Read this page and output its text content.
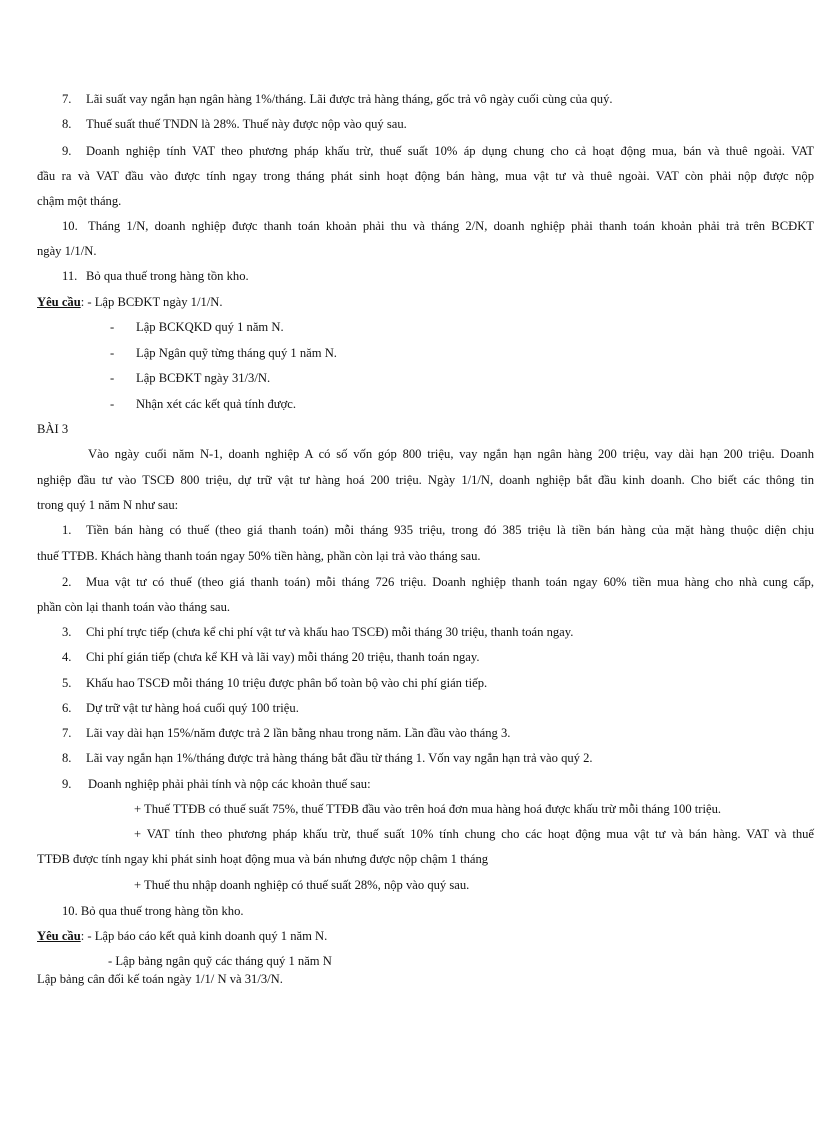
7. Lãi suất vay ngắn hạn ngân hàng 1%/tháng. Lãi được trả hàng tháng, gốc trả vô ngày cuối cùng của quý.
8. Thuế suất thuế TNDN là 28%. Thuế này được nộp vào quý sau.
9. Doanh nghiệp tính VAT theo phương pháp khấu trừ, thuế suất 10% áp dụng chung cho cả hoạt động mua, bán và thuê ngoài. VAT
đầu ra và VAT đầu vào được tính ngay trong tháng phát sinh hoạt động bán hàng, mua vật tư và thuê ngoài. VAT còn phải nộp được nộp
chậm một tháng.
10. Tháng 1/N, doanh nghiệp được thanh toán khoản phải thu và tháng 2/N, doanh nghiệp phải thanh toán khoản phải trả trên BCĐKT
ngày 1/1/N.
11. Bỏ qua thuế trong hàng tồn kho.
Yêu cầu: - Lập BCĐKT ngày 1/1/N.
- Lập BCKQKD quý 1 năm N.
- Lập Ngân quỹ từng tháng quý 1 năm N.
- Lập BCĐKT ngày 31/3/N.
- Nhận xét các kết quả tính được.
BÀI 3
Vào ngày cuối năm N-1, doanh nghiệp A có số vốn góp 800 triệu, vay ngắn hạn ngân hàng 200 triệu, vay dài hạn 200 triệu. Doanh
nghiệp đầu tư vào TSCĐ 800 triệu, dự trữ vật tư hàng hoá 200 triệu. Ngày 1/1/N, doanh nghiệp bắt đầu kinh doanh. Cho biết các thông tin
trong quý 1 năm N như sau:
1. Tiền bán hàng có thuế (theo giá thanh toán) mỗi tháng 935 triệu, trong đó 385 triệu là tiền bán hàng của mặt hàng thuộc diện chịu
thuế TTĐB. Khách hàng thanh toán ngay 50% tiền hàng, phần còn lại trả vào tháng sau.
2. Mua vật tư có thuế (theo giá thanh toán) mỗi tháng 726 triệu. Doanh nghiệp thanh toán ngay 60% tiền mua hàng cho nhà cung cấp,
phần còn lại thanh toán vào tháng sau.
3. Chi phí trực tiếp (chưa kể chi phí vật tư và khấu hao TSCĐ) mỗi tháng 30 triệu, thanh toán ngay.
4. Chi phí gián tiếp (chưa kể KH và lãi vay) mỗi tháng 20 triệu, thanh toán ngay.
5. Khấu hao TSCĐ mỗi tháng 10 triệu được phân bổ toàn bộ vào chi phí gián tiếp.
6. Dự trữ vật tư hàng hoá cuối quý 100 triệu.
7. Lãi vay dài hạn 15%/năm được trả 2 lần bằng nhau trong năm. Lần đầu vào tháng 3.
8. Lãi vay ngắn hạn 1%/tháng được trả hàng tháng bắt đầu từ tháng 1. Vốn vay ngắn hạn trả vào quý 2.
9. Doanh nghiệp phải phải tính và nộp các khoản thuế sau:
+ Thuế TTĐB có thuế suất 75%, thuế TTĐB đầu vào trên hoá đơn mua hàng hoá được khấu trừ mỗi tháng 100 triệu.
+ VAT tính theo phương pháp khấu trừ, thuế suất 10% tính chung cho các hoạt động mua vật tư và bán hàng. VAT và thuế
TTĐB được tính ngay khi phát sinh hoạt động mua và bán nhưng được nộp chậm 1 tháng
+ Thuế thu nhập doanh nghiệp có thuế suất 28%, nộp vào quý sau.
10. Bỏ qua thuế trong hàng tồn kho.
Yêu cầu: - Lập báo cáo kết quả kinh doanh quý 1 năm N.
- Lập bảng ngân quỹ các tháng quý 1 năm N
Lập bảng cân đối kế toán ngày 1/1/ N và 31/3/N.
